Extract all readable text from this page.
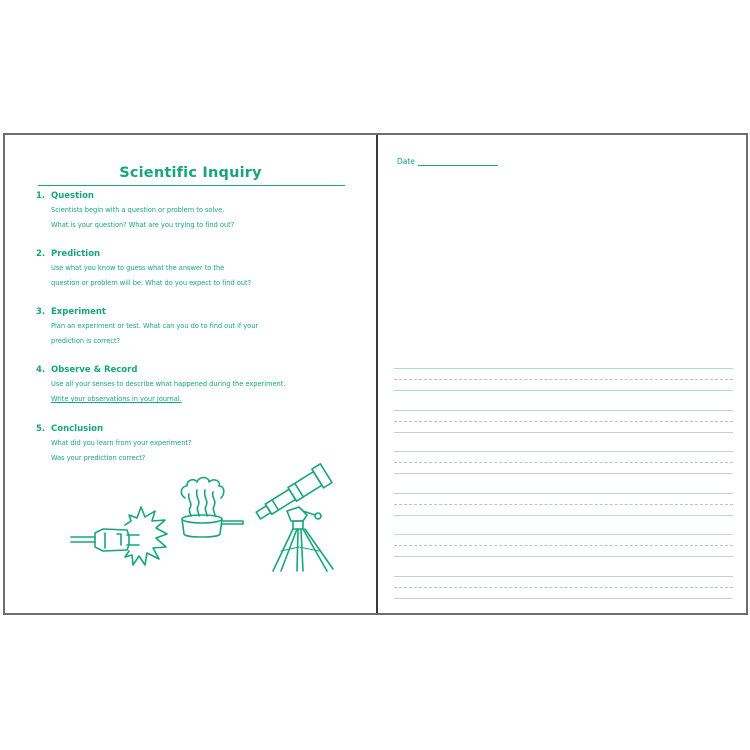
Scientific Inquiry
1. Question
Scientists begin with a question or problem to solve.
What is your question? What are you trying to find out?
2. Prediction
Use what you know to guess what the answer to the
question or problem will be. What do you expect to find out?
3. Experiment
Plan an experiment or test. What can you do to find out if your
prediction is correct?
4. Observe & Record
Use all your senses to describe what happened during the experiment.
Write your observations in your journal.
5. Conclusion
What did you learn from your experiment?
Was your prediction correct?
Date
